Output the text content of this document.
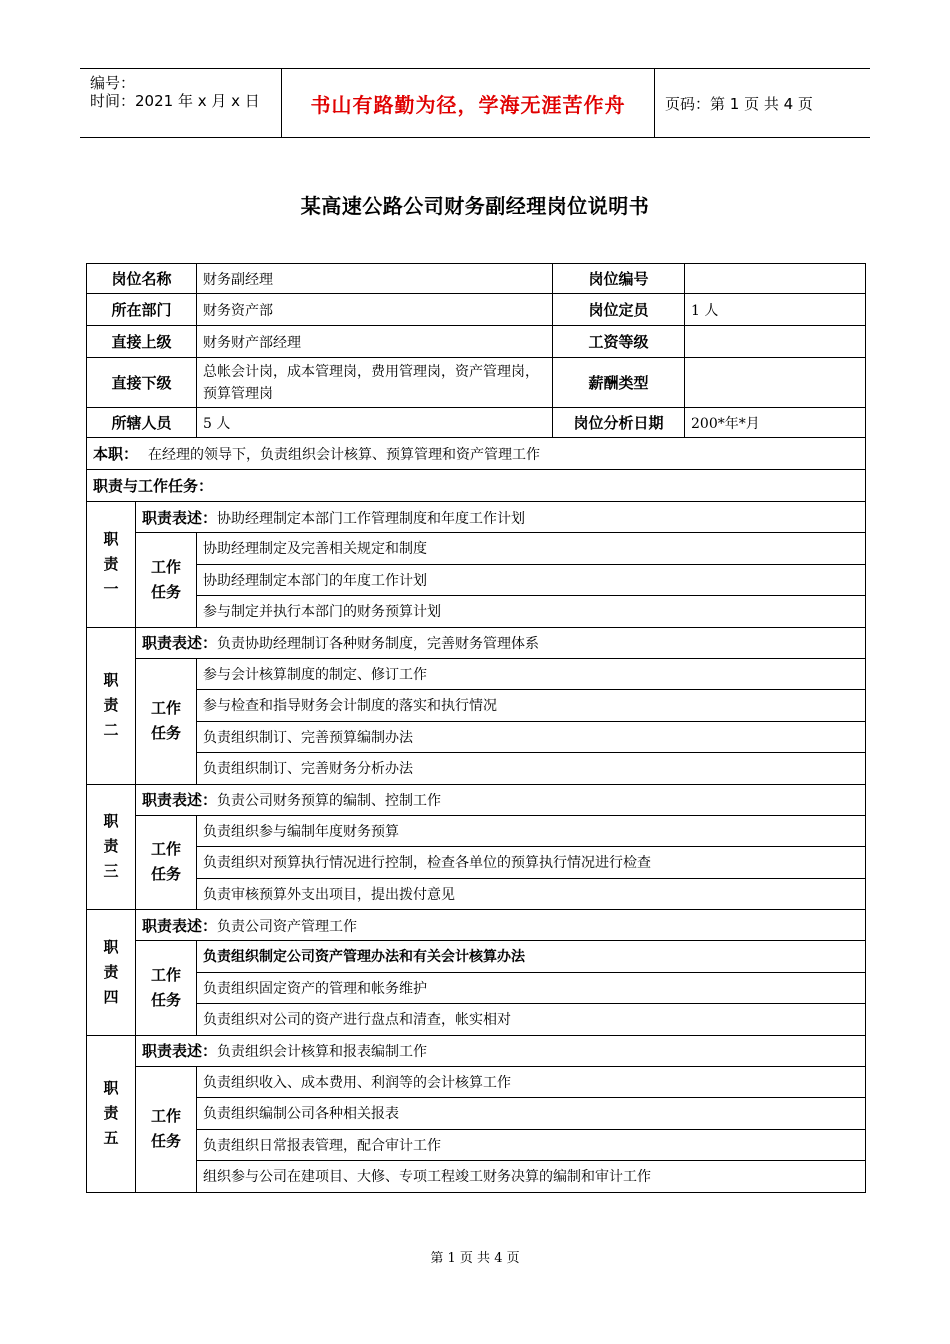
编号：
时间：2021 年 x 月 x 日	书山有路勤为径，学海无涯苦作舟	页码：第 1 页 共 4 页
某高速公路公司财务副经理岗位说明书
岗位名称		财务副经理	岗位编号	
所在部门		财务资产部	岗位定员	1 人
直接上级		财务财产部经理	工资等级	
直接下级		总帐会计岗，成本管理岗，费用管理岗，资产管理岗，预算管理岗	薪酬类型	
所辖人员		5 人	岗位分析日期	200*年*月
本职： 在经理的领导下，负责组织会计核算、预算管理和资产管理工作				
职责与工作任务：				

职
责
一	职责表述：协助经理制定本部门工作管理制度和年度工作计划			

	工作
任务	协助经理制定及完善相关规定和制度		
		协助经理制定本部门的年度工作计划		
		参与制定并执行本部门的财务预算计划		

职
责
二	职责表述：负责协助经理制订各种财务制度，完善财务管理体系			

	工作
任务	参与会计核算制度的制定、修订工作		
		参与检查和指导财务会计制度的落实和执行情况		
		负责组织制订、完善预算编制办法		
		负责组织制订、完善财务分析办法		

职
责
三	职责表述：负责公司财务预算的编制、控制工作			

	工作
任务	负责组织参与编制年度财务预算		
		负责组织对预算执行情况进行控制，检查各单位的预算执行情况进行检查		
		负责审核预算外支出项目，提出拨付意见		

职
责
四	职责表述：负责公司资产管理工作			

	工作
任务	负责组织制定公司资产管理办法和有关会计核算办法		
		负责组织固定资产的管理和帐务维护		
		负责组织对公司的资产进行盘点和清查，帐实相对		

职
责
五	职责表述：负责组织会计核算和报表编制工作			

	工作
任务	负责组织收入、成本费用、利润等的会计核算工作		
		负责组织编制公司各种相关报表		
		负责组织日常报表管理，配合审计工作		
		组织参与公司在建项目、大修、专项工程竣工财务决算的编制和审计工作		
第 1 页 共 4 页
